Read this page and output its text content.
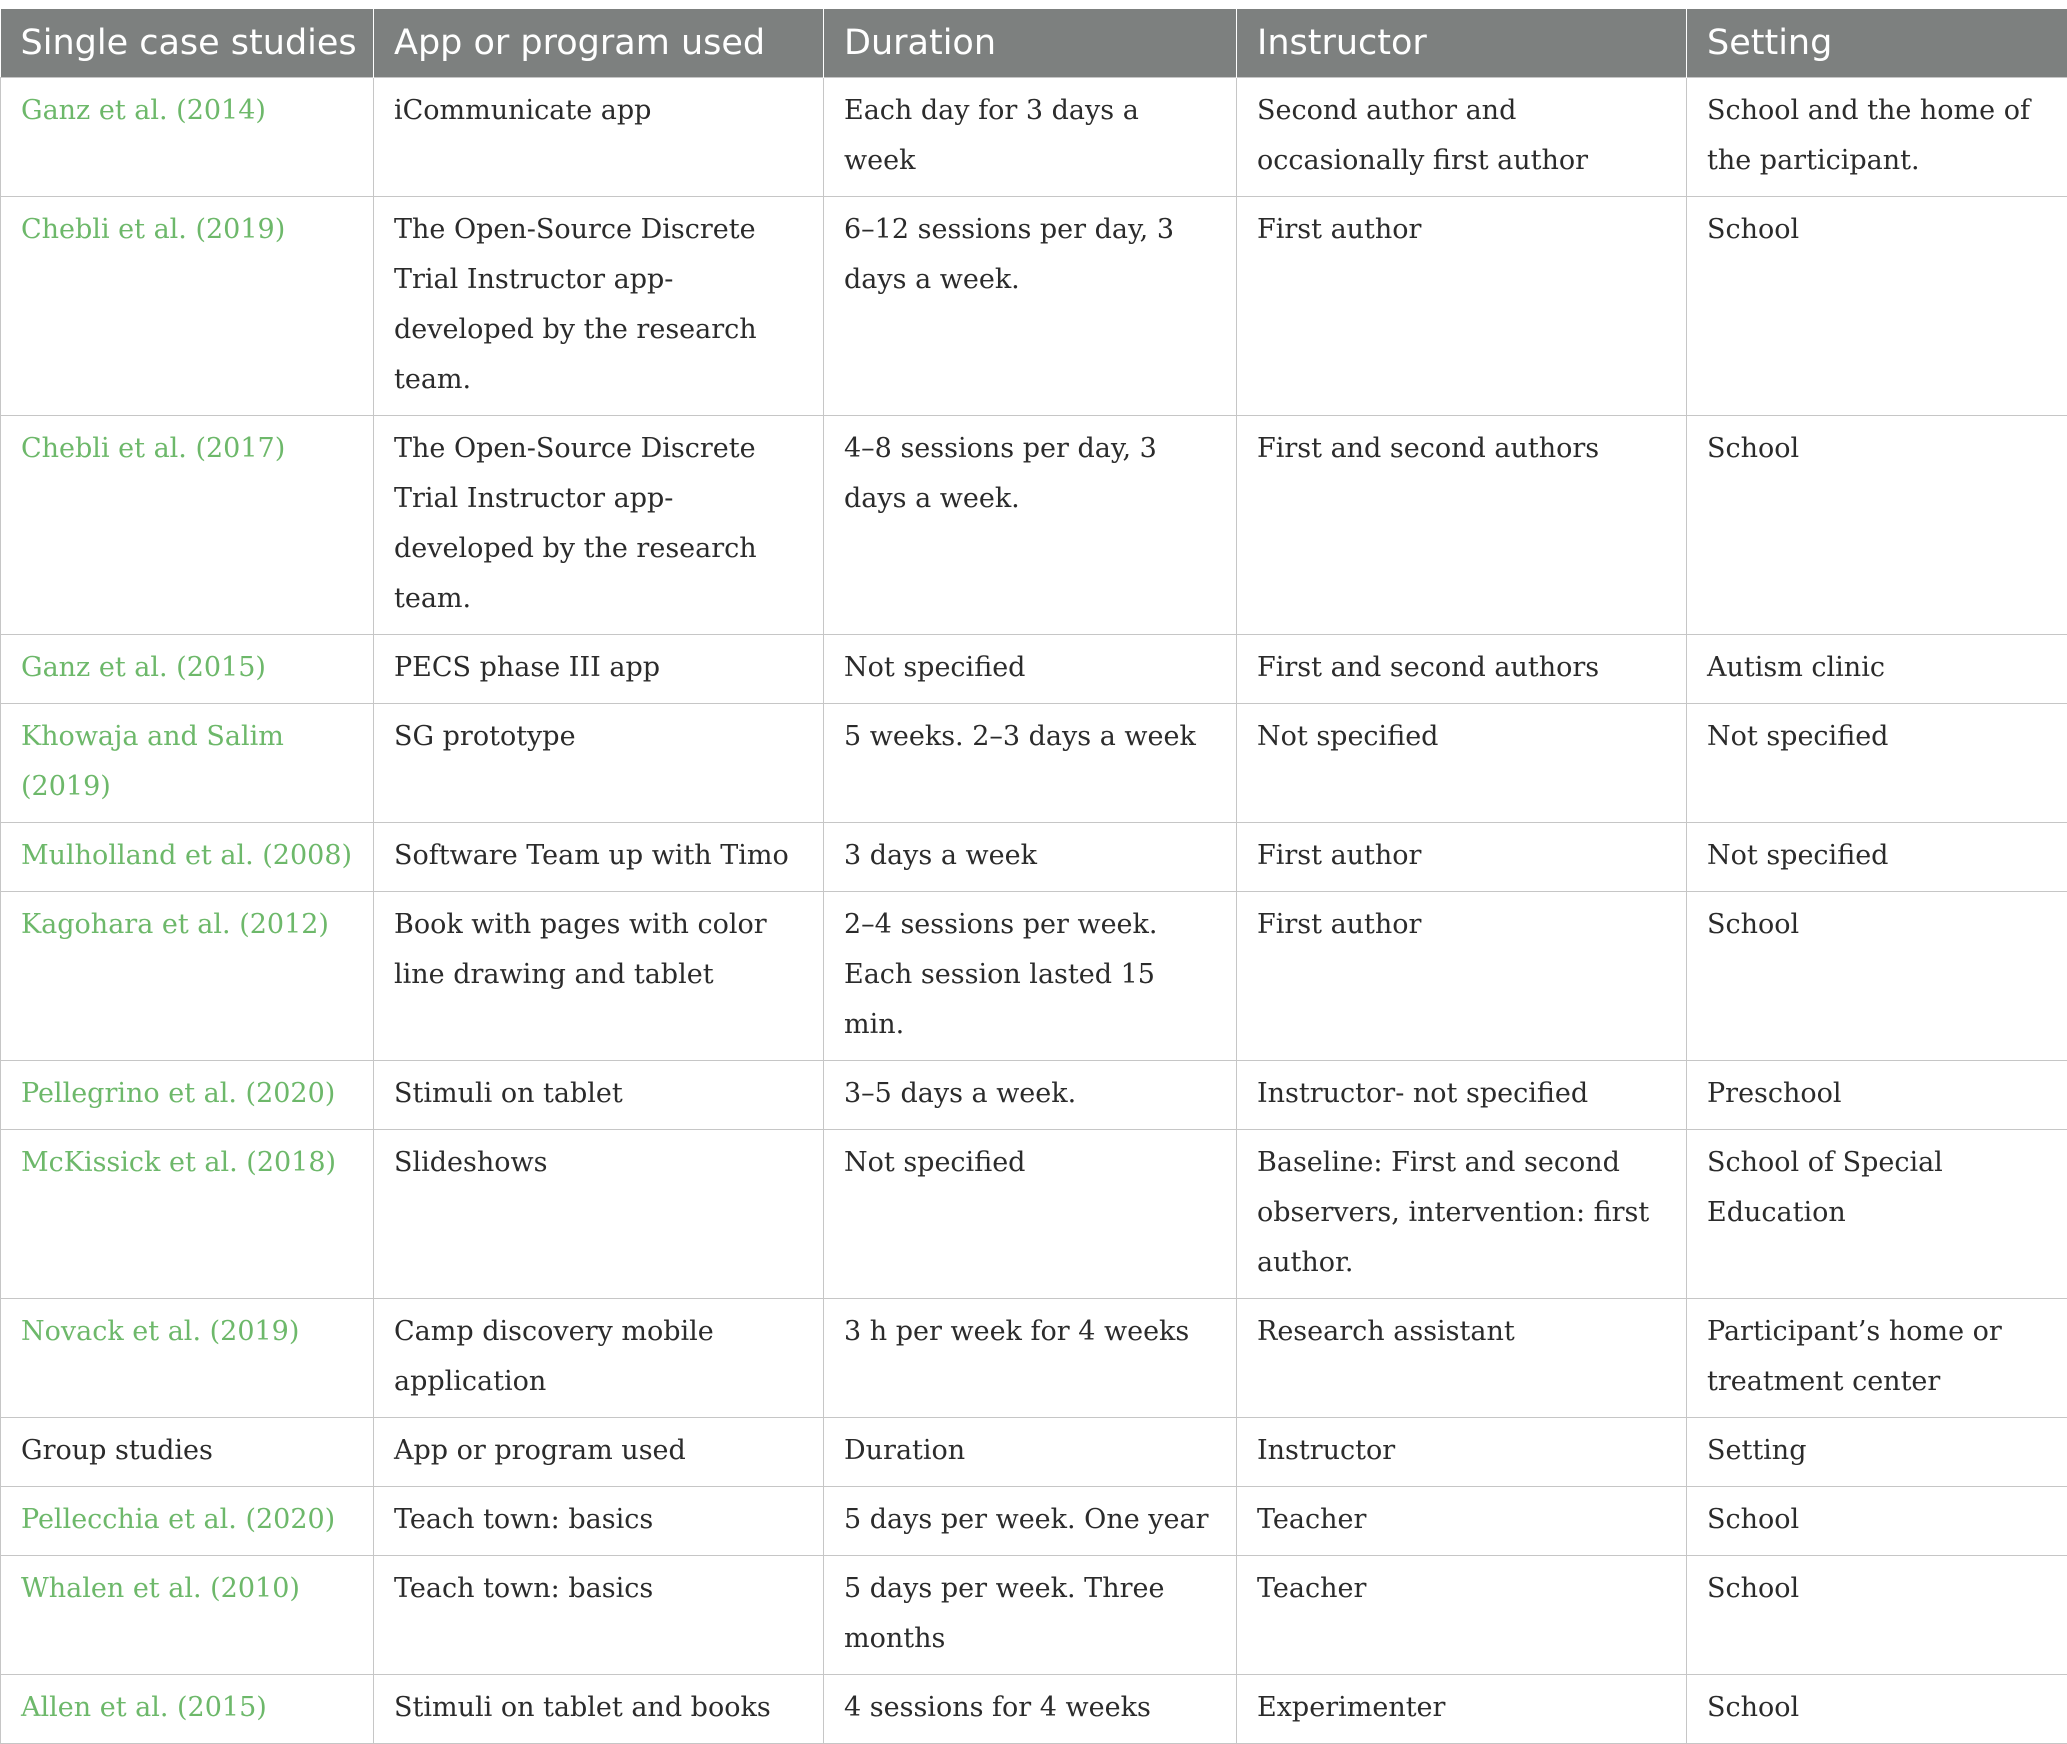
Single case studies	App or program used	Duration	Instructor	Setting
Ganz et al. (2014)	iCommunicate app	Each day for 3 days a week	Second author and occasionally first author	School and the home of the participant.
Chebli et al. (2019)	The Open-Source Discrete Trial Instructor app- developed by the research team.	6–12 sessions per day, 3 days a week.	First author	School
Chebli et al. (2017)	The Open-Source Discrete Trial Instructor app- developed by the research team.	4–8 sessions per day, 3 days a week.	First and second authors	School
Ganz et al. (2015)	PECS phase III app	Not specified	First and second authors	Autism clinic
Khowaja and Salim (2019)	SG prototype	5 weeks. 2–3 days a week	Not specified	Not specified
Mulholland et al. (2008)	Software Team up with Timo	3 days a week	First author	Not specified
Kagohara et al. (2012)	Book with pages with color line drawing and tablet	2–4 sessions per week. Each session lasted 15 min.	First author	School
Pellegrino et al. (2020)	Stimuli on tablet	3–5 days a week.	Instructor- not specified	Preschool
McKissick et al. (2018)	Slideshows	Not specified	Baseline: First and second observers, intervention: first author.	School of Special Education
Novack et al. (2019)	Camp discovery mobile application	3 h per week for 4 weeks	Research assistant	Participant’s home or treatment center
Group studies	App or program used	Duration	Instructor	Setting
Pellecchia et al. (2020)	Teach town: basics	5 days per week. One year	Teacher	School
Whalen et al. (2010)	Teach town: basics	5 days per week. Three months	Teacher	School
Allen et al. (2015)	Stimuli on tablet and books	4 sessions for 4 weeks	Experimenter	School
